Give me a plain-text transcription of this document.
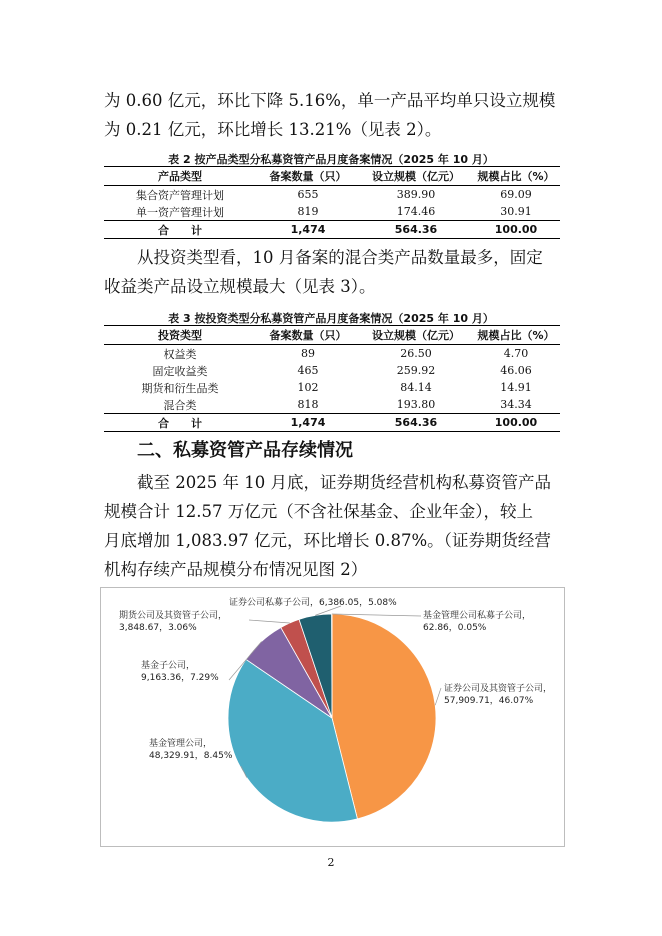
为 0.60 亿元，环比下降 5.16%，单一产品平均单只设立规模
为 0.21 亿元，环比增长 13.21%（见表 2）。
表 2 按产品类型分私募资管产品月度备案情况（2025 年 10 月）
产品类型	备案数量（只）	设立规模（亿元）	规模占比（%）
集合资产管理计划	655	389.90	69.09
单一资产管理计划	819	174.46	30.91
合　　计	1,474	564.36	100.00
从投资类型看，10 月备案的混合类产品数量最多，固定
收益类产品设立规模最大（见表 3）。
表 3 按投资类型分私募资管产品月度备案情况（2025 年 10 月）
投资类型	备案数量（只）	设立规模（亿元）	规模占比（%）
权益类	89	26.50	4.70
固定收益类	465	259.92	46.06
期货和衍生品类	102	84.14	14.91
混合类	818	193.80	34.34
合　　计	1,474	564.36	100.00
二、私募资管产品存续情况
截至 2025 年 10 月底，证券期货经营机构私募资管产品
规模合计 12.57 万亿元（不含社保基金、企业年金），较上
月底增加 1,083.97 亿元，环比增长 0.87%。（证券期货经营
机构存续产品规模分布情况见图 2）
证券公司及其资管子公司， 57,909.71，46.07%
基金管理公司， 48,329.91，8.45%
基金子公司， 9,163.36，7.29%
期货公司及其资管子公司， 3,848.67，3.06%
证券公司私募子公司，6,386.05，5.08%
基金管理公司私募子公司， 62.86，0.05%
2
